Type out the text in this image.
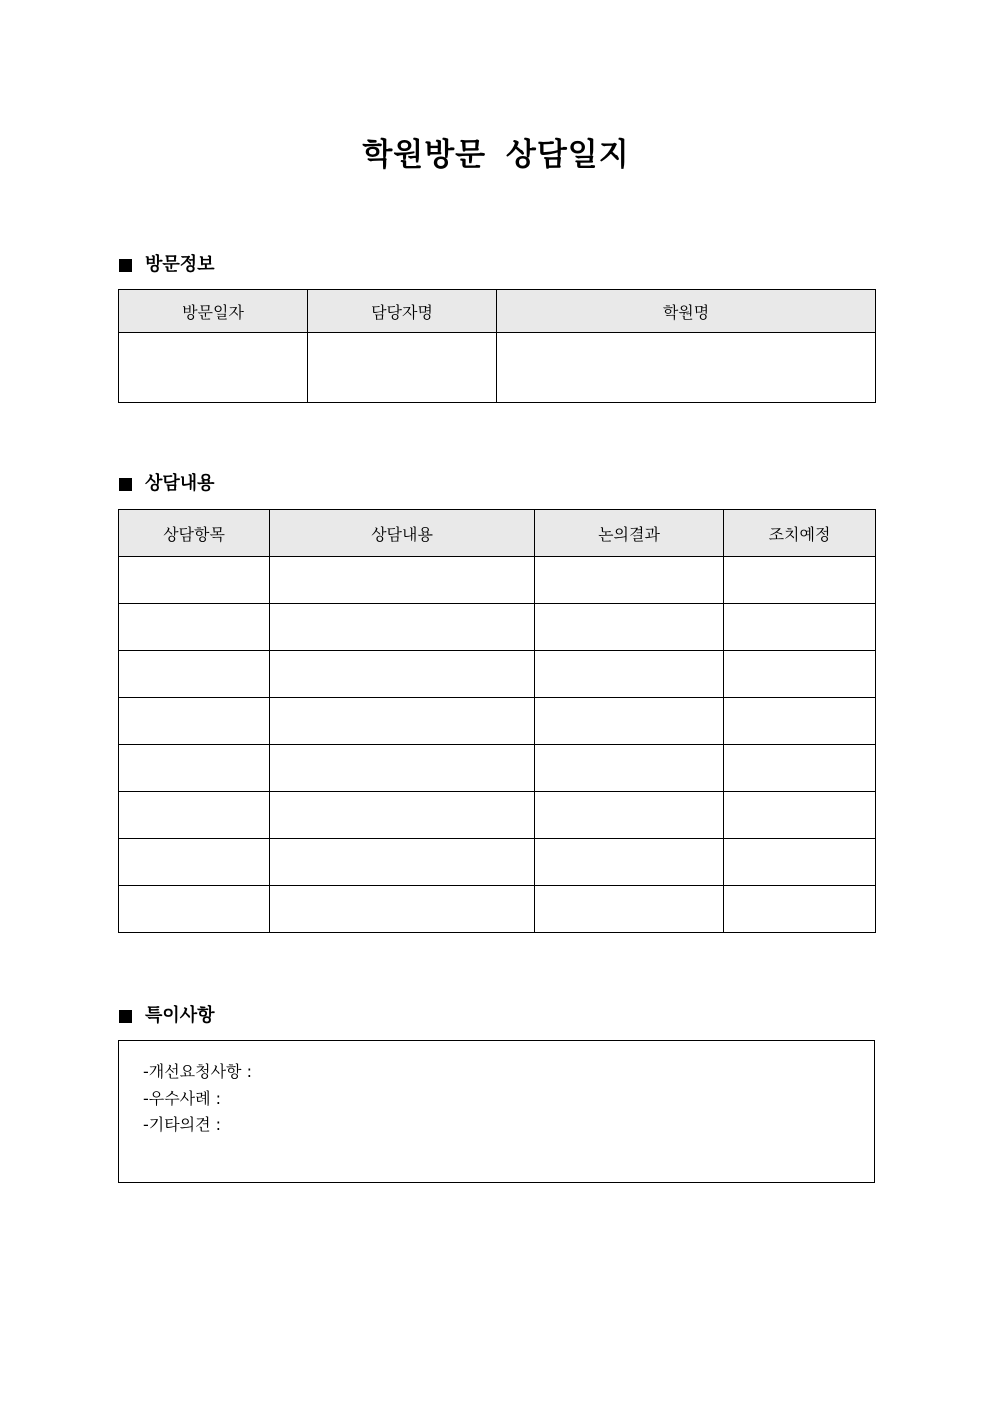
학원방문 상담일지
방문정보
방문일자	담당자명	학원명

상담내용
상담항목	상담내용	논의결과	조치예정

특이사항
-개선요청사항 :
-우수사례 :
-기타의견 :
